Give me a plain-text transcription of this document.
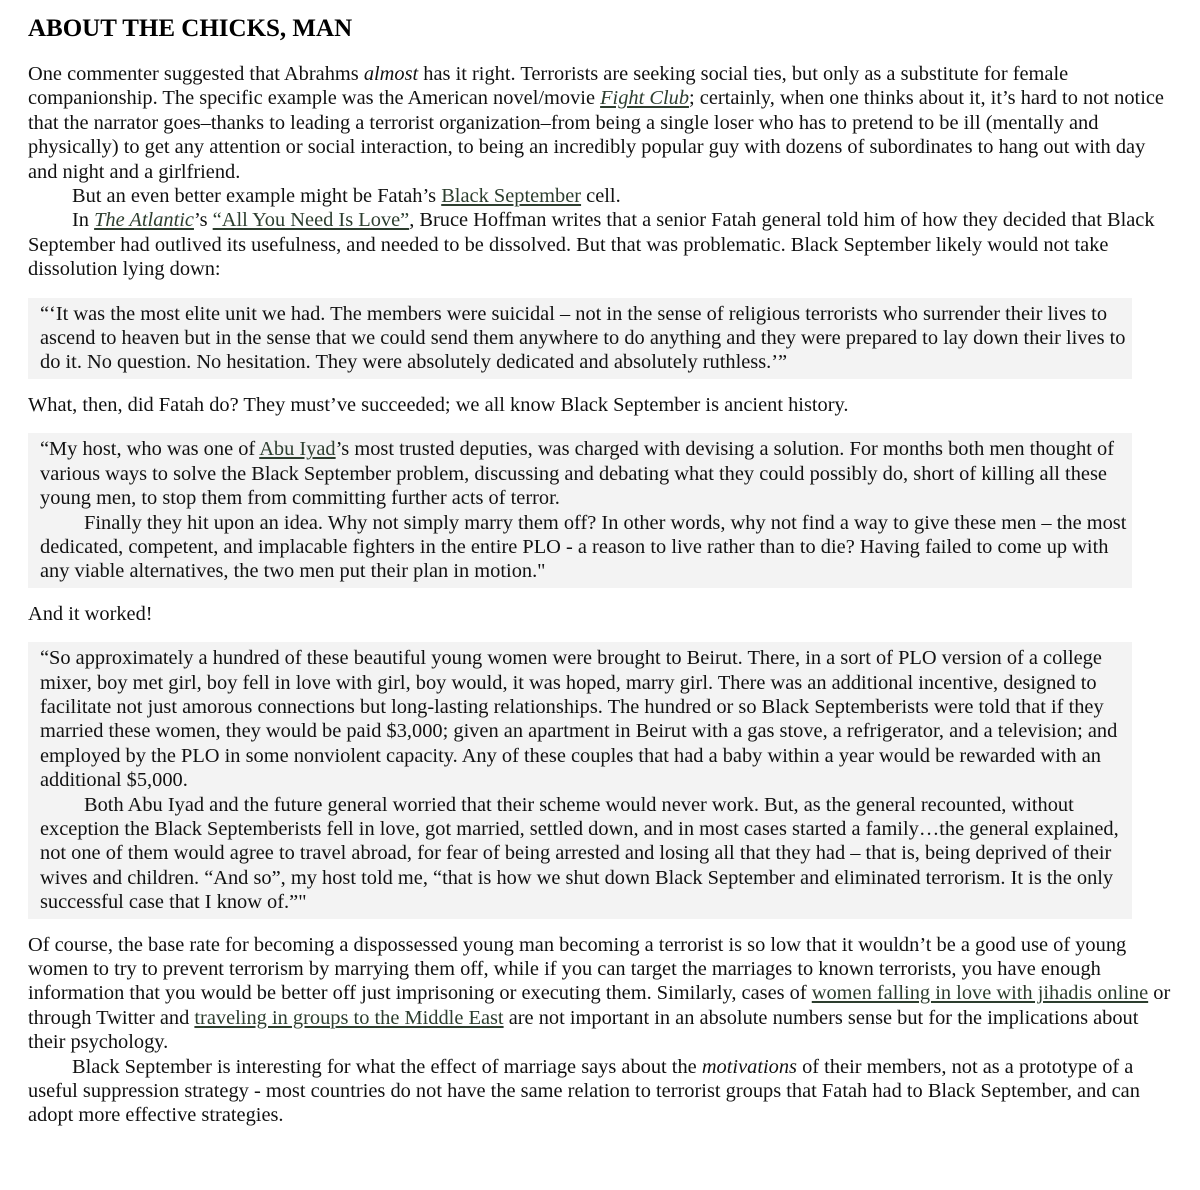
ABOUT THE CHICKS, MAN

One commenter suggested that Abrahms almost has it right. Terrorists are seeking social ties, but only as a substitute for female companionship. The specific example was the American novel/movie Fight Club; certainly, when one thinks about it, it’s hard to not notice that the narrator goes–thanks to leading a terrorist organization–from being a single loser who has to pretend to be ill (mentally and physically) to get any attention or social interaction, to being an incredibly popular guy with dozens of subordinates to hang out with day and night and a girlfriend.

But an even better example might be Fatah’s Black September cell.

In The Atlantic’s “All You Need Is Love”, Bruce Hoffman writes that a senior Fatah general told him of how they decided that Black September had outlived its usefulness, and needed to be dissolved. But that was problematic. Black September likely would not take dissolution lying down:

“‘It was the most elite unit we had. The members were suicidal – not in the sense of religious terrorists who surrender their lives to ascend to heaven but in the sense that we could send them anywhere to do anything and they were prepared to lay down their lives to do it. No question. No hesitation. They were absolutely dedicated and absolutely ruthless.’”

What, then, did Fatah do? They must’ve succeeded; we all know Black September is ancient history.

“My host, who was one of Abu Iyad’s most trusted deputies, was charged with devising a solution. For months both men thought of various ways to solve the Black September problem, discussing and debating what they could possibly do, short of killing all these young men, to stop them from committing further acts of terror.

Finally they hit upon an idea. Why not simply marry them off? In other words, why not find a way to give these men – the most dedicated, competent, and implacable fighters in the entire PLO - a reason to live rather than to die? Having failed to come up with any viable alternatives, the two men put their plan in motion."

And it worked!

“So approximately a hundred of these beautiful young women were brought to Beirut. There, in a sort of PLO version of a college mixer, boy met girl, boy fell in love with girl, boy would, it was hoped, marry girl. There was an additional incentive, designed to facilitate not just amorous connections but long-lasting relationships. The hundred or so Black Septemberists were told that if they married these women, they would be paid $3,000; given an apartment in Beirut with a gas stove, a refrigerator, and a television; and employed by the PLO in some nonviolent capacity. Any of these couples that had a baby within a year would be rewarded with an additional $5,000.

Both Abu Iyad and the future general worried that their scheme would never work. But, as the general recounted, without exception the Black Septemberists fell in love, got married, settled down, and in most cases started a family…the general explained, not one of them would agree to travel abroad, for fear of being arrested and losing all that they had – that is, being deprived of their wives and children. “And so”, my host told me, “that is how we shut down Black September and eliminated terrorism. It is the only successful case that I know of.”"

Of course, the base rate for becoming a dispossessed young man becoming a terrorist is so low that it wouldn’t be a good use of young women to try to prevent terrorism by marrying them off, while if you can target the marriages to known terrorists, you have enough information that you would be better off just imprisoning or executing them. Similarly, cases of women falling in love with jihadis online or through Twitter and traveling in groups to the Middle East are not important in an absolute numbers sense but for the implications about their psychology.

Black September is interesting for what the effect of marriage says about the motivations of their members, not as a prototype of a useful suppression strategy - most countries do not have the same relation to terrorist groups that Fatah had to Black September, and can adopt more effective strategies.
